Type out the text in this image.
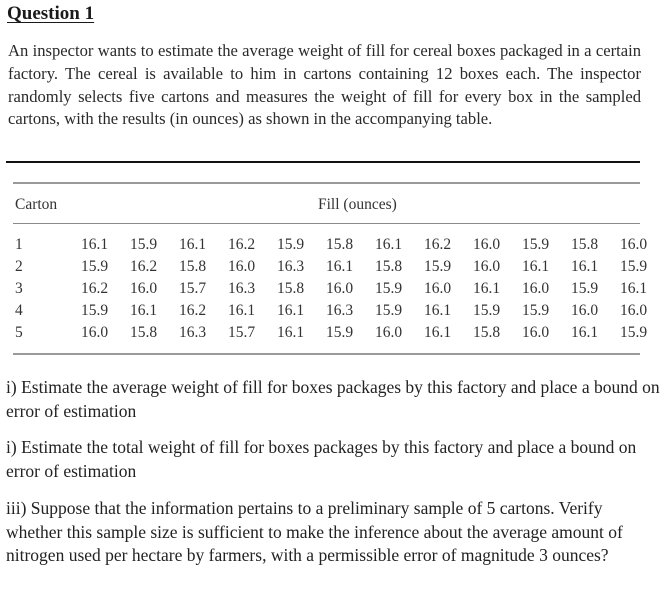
Question 1

An inspector wants to estimate the average weight of fill for cereal boxes packaged in a certain factory. The cereal is available to him in cartons containing 12 boxes each. The inspector randomly selects five cartons and measures the weight of fill for every box in the sampled cartons, with the results (in ounces) as shown in the accompanying table.

Carton	Fill (ounces)
1	16.1	15.9	16.1	16.2	15.9	15.8	16.1	16.2	16.0	15.9	15.8	16.0
2	15.9	16.2	15.8	16.0	16.3	16.1	15.8	15.9	16.0	16.1	16.1	15.9
3	16.2	16.0	15.7	16.3	15.8	16.0	15.9	16.0	16.1	16.0	15.9	16.1
4	15.9	16.1	16.2	16.1	16.1	16.3	15.9	16.1	15.9	15.9	16.0	16.0
5	16.0	15.8	16.3	15.7	16.1	15.9	16.0	16.1	15.8	16.0	16.1	15.9

i) Estimate the average weight of fill for boxes packages by this factory and place a bound on error of estimation

i) Estimate the total weight of fill for boxes packages by this factory and place a bound on error of estimation

iii) Suppose that the information pertains to a preliminary sample of 5 cartons. Verify whether this sample size is sufficient to make the inference about the average amount of nitrogen used per hectare by farmers, with a permissible error of magnitude 3 ounces?
